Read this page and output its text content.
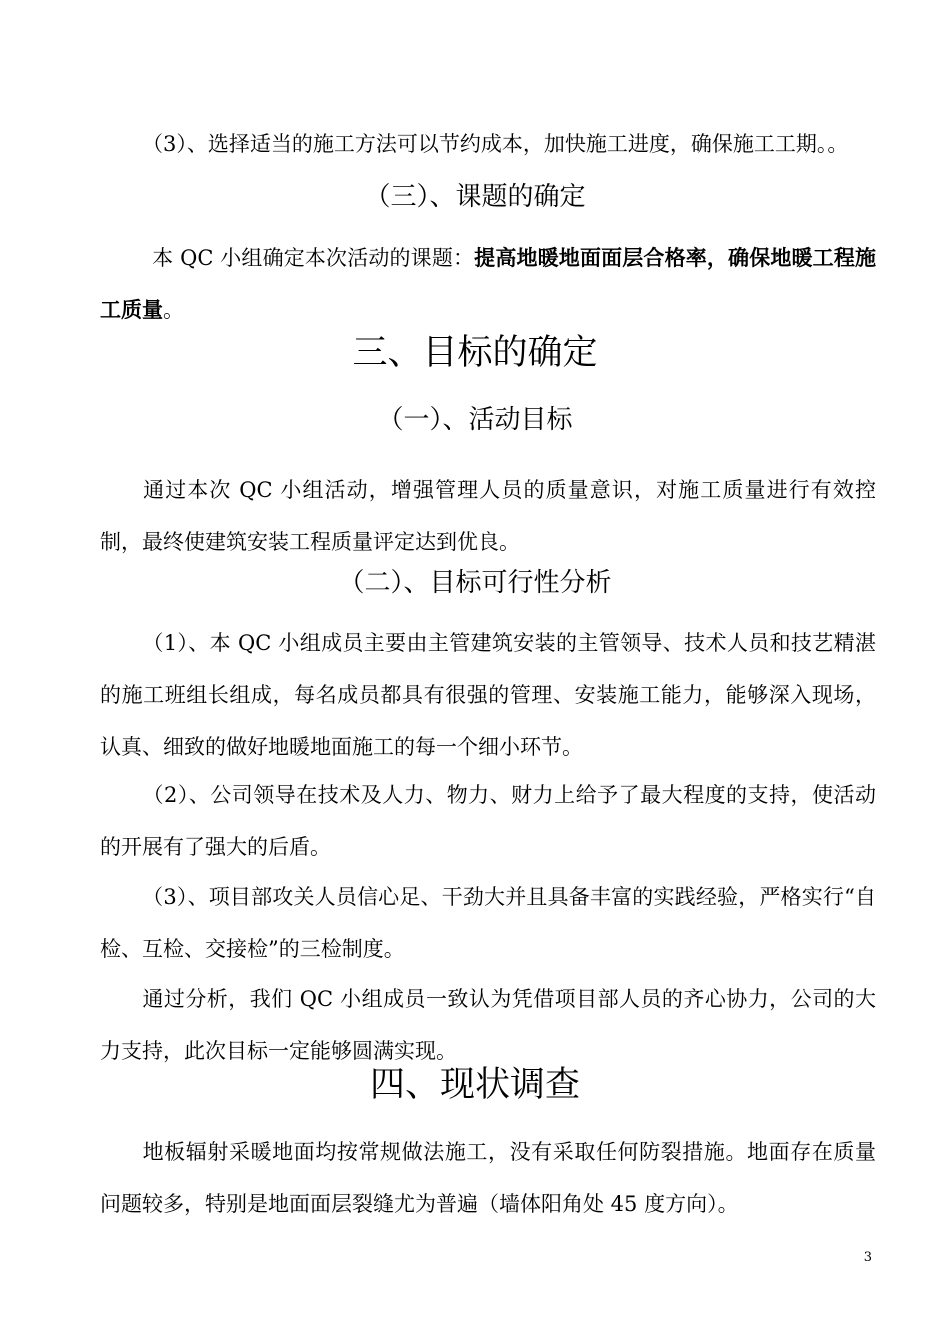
（3）、选择适当的施工方法可以节约成本，加快施工进度，确保施工工期。。
（三）、课题的确定
本 QC 小组确定本次活动的课题：提高地暖地面面层合格率，确保地暖工程施工质量。
三、目标的确定
（一）、活动目标
通过本次 QC 小组活动，增强管理人员的质量意识，对施工质量进行有效控制，最终使建筑安装工程质量评定达到优良。
（二）、目标可行性分析
（1）、本 QC 小组成员主要由主管建筑安装的主管领导、技术人员和技艺精湛的施工班组长组成，每名成员都具有很强的管理、安装施工能力，能够深入现场，认真、细致的做好地暖地面施工的每一个细小环节。
（2）、公司领导在技术及人力、物力、财力上给予了最大程度的支持，使活动的开展有了强大的后盾。
（3）、项目部攻关人员信心足、干劲大并且具备丰富的实践经验，严格实行“自检、互检、交接检”的三检制度。
通过分析，我们 QC 小组成员一致认为凭借项目部人员的齐心协力，公司的大力支持，此次目标一定能够圆满实现。
四、现状调查
地板辐射采暖地面均按常规做法施工，没有采取任何防裂措施。地面存在质量问题较多，特别是地面面层裂缝尤为普遍（墙体阳角处 45 度方向）。
3
